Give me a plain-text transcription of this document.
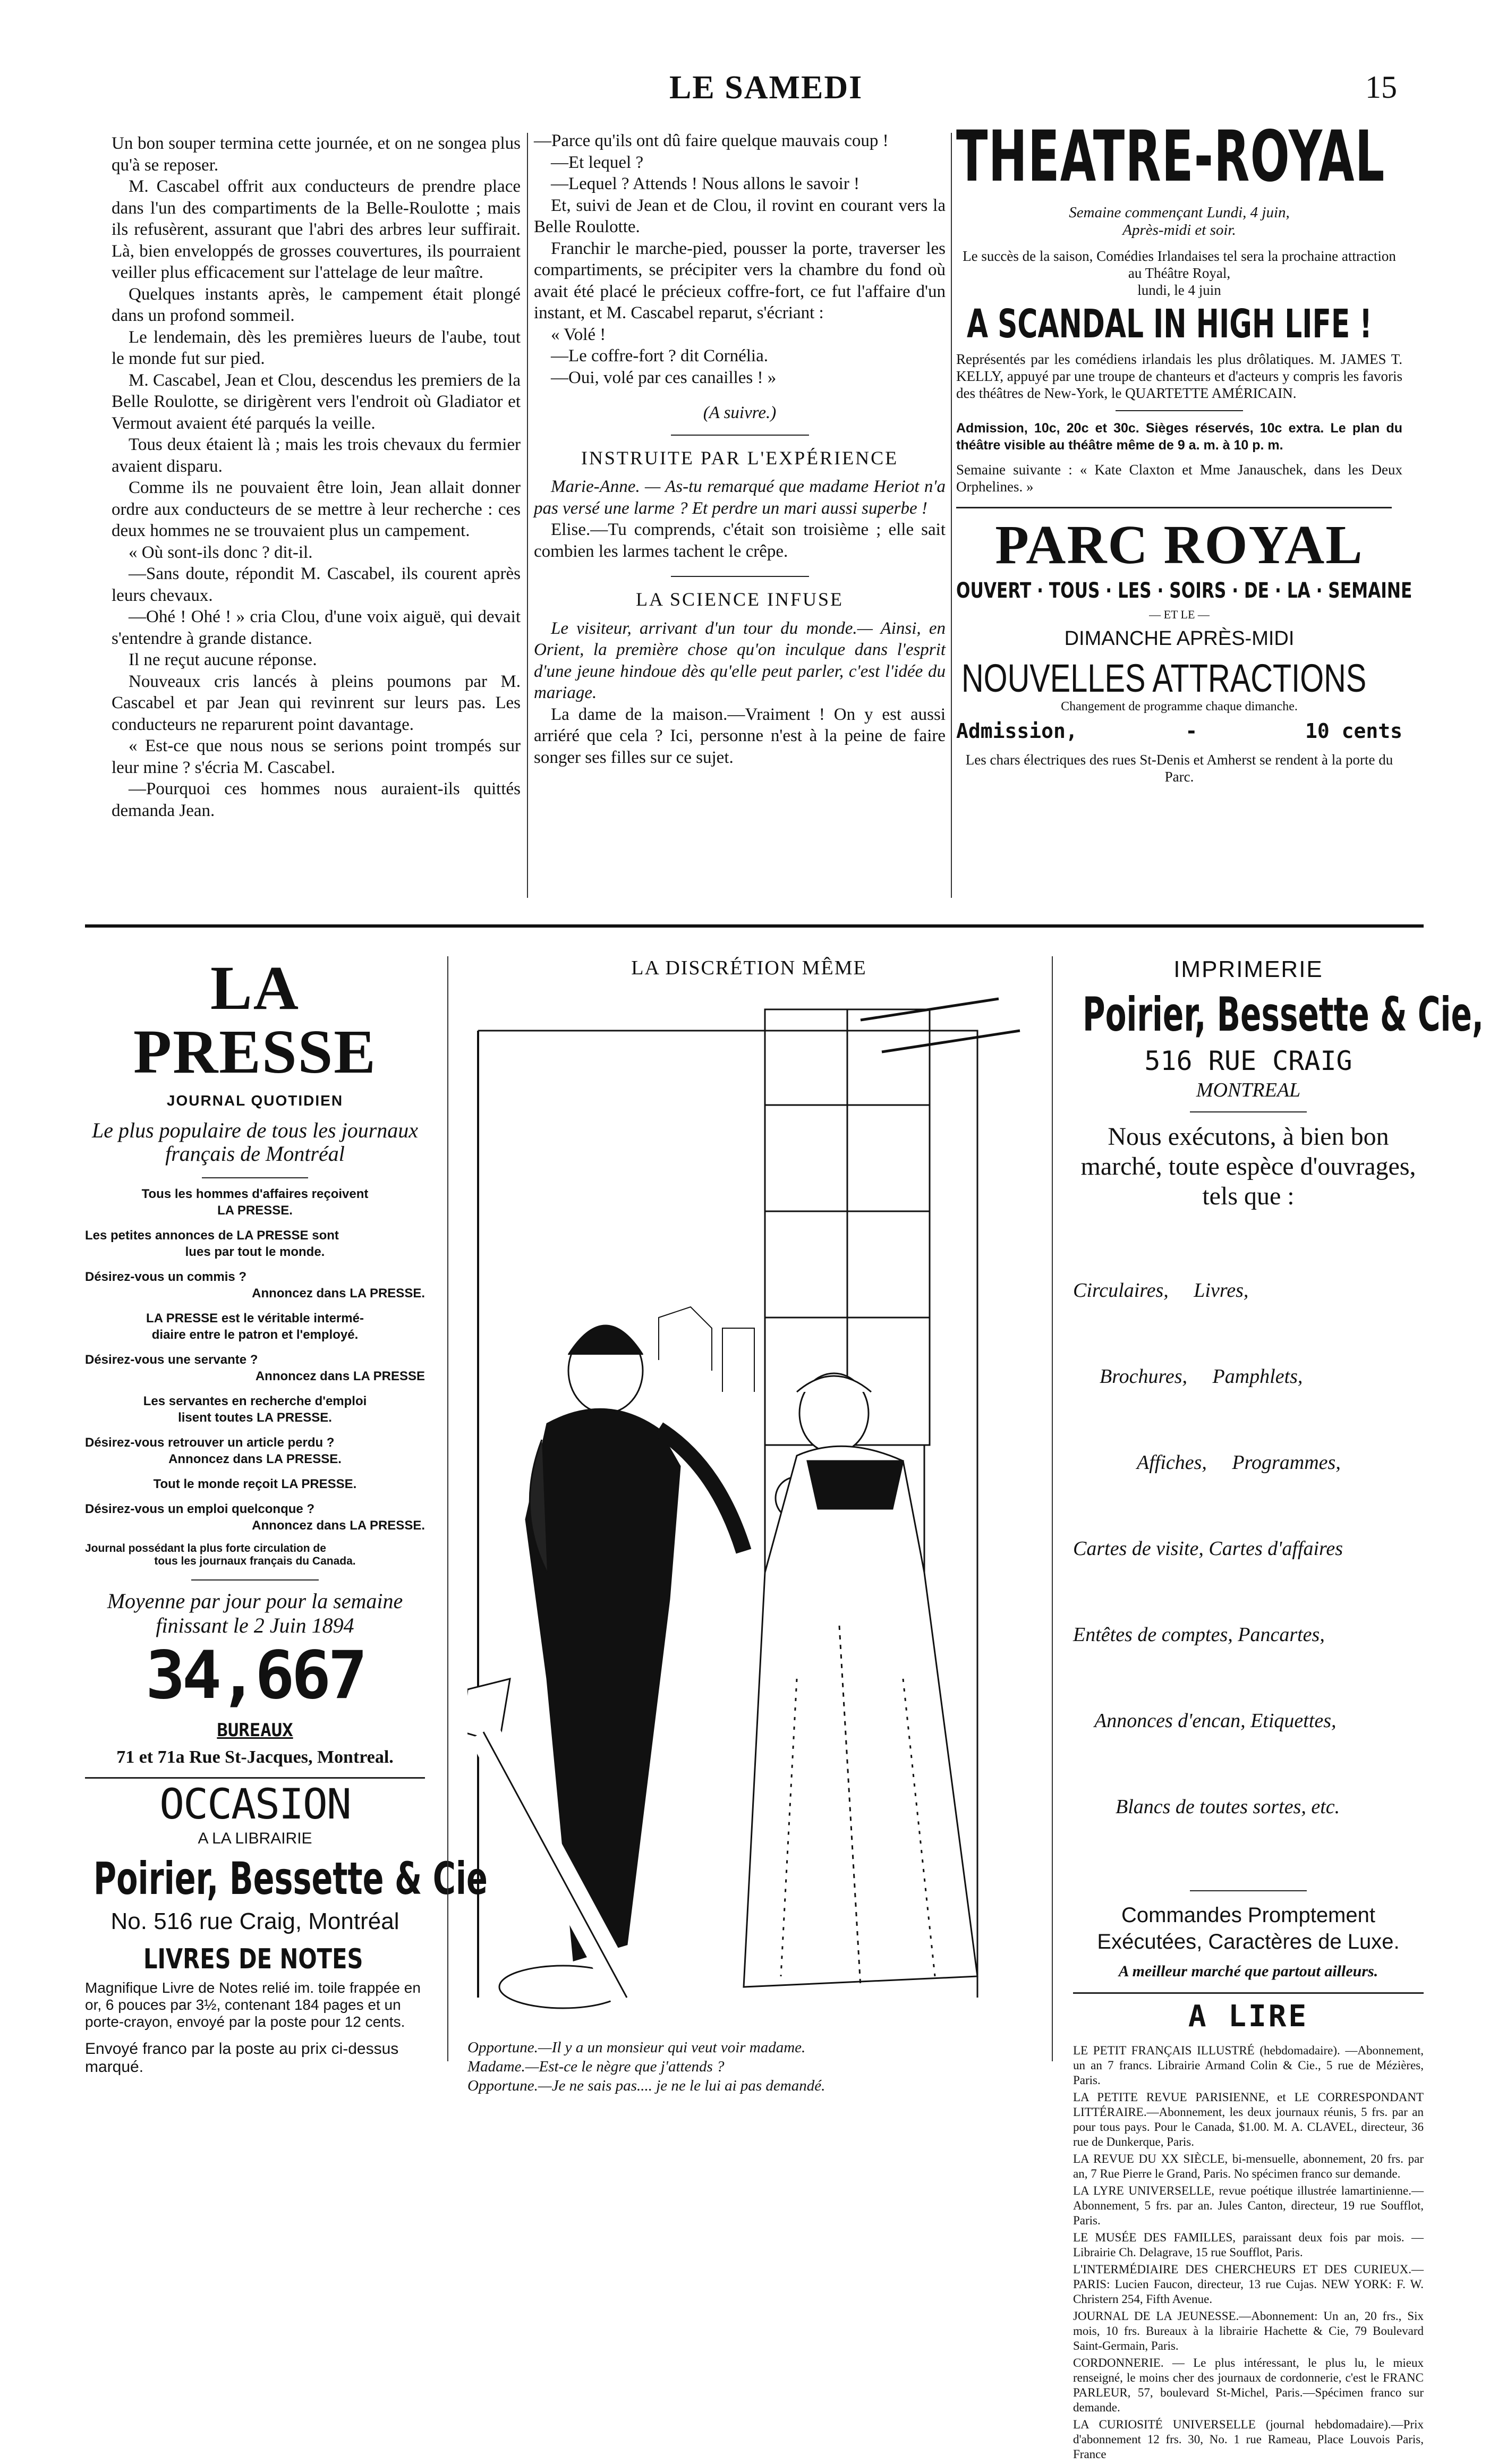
LE SAMEDI	15

Un bon souper termina cette journée, et on ne songea plus qu'à se reposer.

M. Cascabel offrit aux conducteurs de prendre place dans l'un des compartiments de la Belle-Roulotte ; mais ils refusèrent, assurant que l'abri des arbres leur suffirait. Là, bien enveloppés de grosses couvertures, ils pourraient veiller plus efficacement sur l'attelage de leur maître.

Quelques instants après, le campement était plongé dans un profond sommeil.

Le lendemain, dès les premières lueurs de l'aube, tout le monde fut sur pied.

M. Cascabel, Jean et Clou, descendus les premiers de la Belle Roulotte, se dirigèrent vers l'endroit où Gladiator et Vermout avaient été parqués la veille.

Tous deux étaient là ; mais les trois chevaux du fermier avaient disparu.

Comme ils ne pouvaient être loin, Jean allait donner ordre aux conducteurs de se mettre à leur recherche : ces deux hommes ne se trouvaient plus un campement.

« Où sont-ils donc ? dit-il.

—Sans doute, répondit M. Cascabel, ils courent après leurs chevaux.

—Ohé ! Ohé ! » cria Clou, d'une voix aiguë, qui devait s'entendre à grande distance.

Il ne reçut aucune réponse.

Nouveaux cris lancés à pleins poumons par M. Cascabel et par Jean qui revinrent sur leurs pas. Les conducteurs ne reparurent point davantage.

« Est-ce que nous nous se serions point trompés sur leur mine ? s'écria M. Cascabel.

—Pourquoi ces hommes nous auraient-ils quittés demanda Jean.

—Parce qu'ils ont dû faire quelque mauvais coup !

—Et lequel ?

—Lequel ? Attends ! Nous allons le savoir !

Et, suivi de Jean et de Clou, il rovint en courant vers la Belle Roulotte.

Franchir le marche-pied, pousser la porte, traverser les compartiments, se précipiter vers la chambre du fond où avait été placé le précieux coffre-fort, ce fut l'affaire d'un instant, et M. Cascabel reparut, s'écriant :

« Volé !

—Le coffre-fort ? dit Cornélia.

—Oui, volé par ces canailles ! »

(A suivre.)

INSTRUITE PAR L'EXPÉRIENCE

Marie-Anne. — As-tu remarqué que madame Heriot n'a pas versé une larme ? Et perdre un mari aussi superbe !

Elise.—Tu comprends, c'était son troisième ; elle sait combien les larmes tachent le crêpe.

LA SCIENCE INFUSE

Le visiteur, arrivant d'un tour du monde.— Ainsi, en Orient, la première chose qu'on inculque dans l'esprit d'une jeune hindoue dès qu'elle peut parler, c'est l'idée du mariage.

La dame de la maison.—Vraiment ! On y est aussi arriéré que cela ? Ici, personne n'est à la peine de faire songer ses filles sur ce sujet.

THEATRE-ROYAL
Semaine commençant Lundi, 4 juin,
Après-midi et soir.
Le succès de la saison, Comédies Irlandaises tel sera la prochaine attraction au Théâtre Royal,
lundi, le 4 juin
A SCANDAL IN HIGH LIFE !
Représentés par les comédiens irlandais les plus drôlatiques. M. JAMES T. KELLY, appuyé par une troupe de chanteurs et d'acteurs y compris les favoris des théâtres de New-York, le QUARTETTE AMÉRICAIN.
Admission, 10c, 20c et 30c. Sièges réservés, 10c extra. Le plan du théâtre visible au théâtre même de 9 a. m. à 10 p. m.
Semaine suivante : « Kate Claxton et Mme Janauschek, dans les Deux Orphelines. »
PARC ROYAL
OUVERT · TOUS · LES · SOIRS · DE · LA · SEMAINE
— ET LE —
DIMANCHE APRÈS-MIDI
NOUVELLES ATTRACTIONS
Changement de programme chaque dimanche.
Admission,	-	10 cents
Les chars électriques des rues St-Denis et Amherst se rendent à la porte du Parc.
LA PRESSE
JOURNAL QUOTIDIEN
Le plus populaire de tous les journaux français de Montréal
Tous les hommes d'affaires reçoivent
LA PRESSE.
Les petites annonces de LA PRESSE sont
lues par tout le monde.
Désirez-vous un commis ?
Annoncez dans LA PRESSE.
LA PRESSE est le véritable intermé-
diaire entre le patron et l'employé.
Désirez-vous une servante ?
Annoncez dans LA PRESSE
Les servantes en recherche d'emploi
lisent toutes LA PRESSE.
Désirez-vous retrouver un article perdu ?
Annoncez dans LA PRESSE.
Tout le monde reçoit LA PRESSE.
Désirez-vous un emploi quelconque ?
Annoncez dans LA PRESSE.
Journal possédant la plus forte circulation de
tous les journaux français du Canada.
Moyenne par jour pour la semaine finissant le 2 Juin 1894
34,667
BUREAUX
71 et 71a Rue St-Jacques, Montreal.
OCCASION
A LA LIBRAIRIE
Poirier, Bessette & Cie
No. 516 rue Craig, Montréal
LIVRES DE NOTES
Magnifique Livre de Notes relié im. toile frappée en or, 6 pouces par 3½, contenant 184 pages et un porte-crayon, envoyé par la poste pour 12 cents.
Envoyé franco par la poste au prix ci-dessus marqué.
LA DISCRÉTION MÊME
Opportune.—Il y a un monsieur qui veut voir madame.
Madame.—Est-ce le nègre que j'attends ?
Opportune.—Je ne sais pas.... je ne le lui ai pas demandé.
IMPRIMERIE
Poirier, Bessette & Cie,
516 RUE CRAIG
MONTREAL
Nous exécutons, à bien bon marché, toute espèce d'ouvrages, tels que :

Circulaires,     Livres,

Brochures,     Pamphlets,

Affiches,     Programmes,

Cartes de visite, Cartes d'affaires

Entêtes de comptes, Pancartes,

Annonces d'encan, Etiquettes,

Blancs de toutes sortes, etc.

Commandes Promptement Exécutées, Caractères de Luxe.
A meilleur marché que partout ailleurs.
A LIRE
LE PETIT FRANÇAIS ILLUSTRÉ (hebdomadaire). —Abonnement, un an 7 francs. Librairie Armand Colin & Cie., 5 rue de Mézières, Paris.
LA PETITE REVUE PARISIENNE, et LE CORRESPONDANT LITTÉRAIRE.—Abonnement, les deux journaux réunis, 5 frs. par an pour tous pays. Pour le Canada, $1.00. M. A. CLAVEL, directeur, 36 rue de Dunkerque, Paris.
LA REVUE DU XX SIÈCLE, bi-mensuelle, abonnement, 20 frs. par an, 7 Rue Pierre le Grand, Paris. No spécimen franco sur demande.
LA LYRE UNIVERSELLE, revue poétique illustrée lamartinienne.—Abonnement, 5 frs. par an. Jules Canton, directeur, 19 rue Soufflot, Paris.
LE MUSÉE DES FAMILLES, paraissant deux fois par mois. — Librairie Ch. Delagrave, 15 rue Soufflot, Paris.
L'INTERMÉDIAIRE DES CHERCHEURS ET DES CURIEUX.—PARIS: Lucien Faucon, directeur, 13 rue Cujas. NEW YORK: F. W. Christern 254, Fifth Avenue.
JOURNAL DE LA JEUNESSE.—Abonnement: Un an, 20 frs., Six mois, 10 frs. Bureaux à la librairie Hachette & Cie, 79 Boulevard Saint-Germain, Paris.
CORDONNERIE. — Le plus intéressant, le plus lu, le mieux renseigné, le moins cher des journaux de cordonnerie, c'est le FRANC PARLEUR, 57, boulevard St-Michel, Paris.—Spécimen franco sur demande.
LA CURIOSITÉ UNIVERSELLE (journal hebdomadaire).—Prix d'abonnement 12 frs. 30, No. 1 rue Rameau, Place Louvois Paris, France
